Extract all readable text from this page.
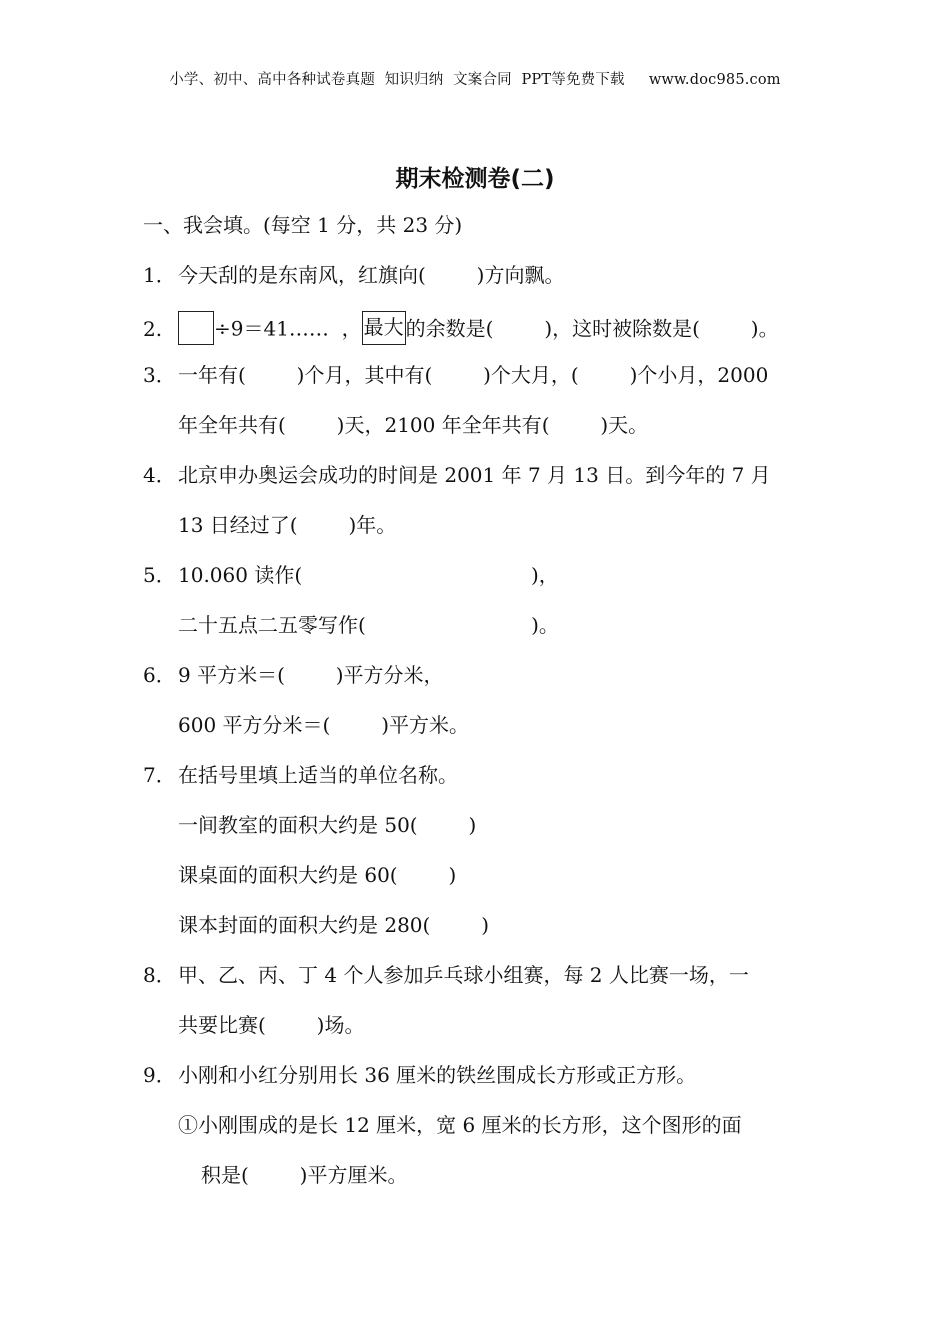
小学、初中、高中各种试卷真题  知识归纳  文案合同  PPT等免费下载 www.doc985.com
期末检测卷(二)
一、我会填。(每空 1 分，共 23 分)
1． 今天刮的是东南风，红旗向(        )方向飘。
2.	÷9＝41……  ， 最大 的余数是(        )，这时被除数是(        )。
3． 一年有(        )个月，其中有(        )个大月，(        )个小月，2000
年全年共有(        )天，2100 年全年共有(        )天。
4． 北京申办奥运会成功的时间是 2001 年 7 月 13 日。到今年的 7 月
13 日经过了(        )年。
5． 10.060 读作(                                    )，
二十五点二五零写作(                          )。
6． 9 平方米＝(        )平方分米，
600 平方分米＝(        )平方米。
7． 在括号里填上适当的单位名称。
一间教室的面积大约是 50(        )
课桌面的面积大约是 60(        )
课本封面的面积大约是 280(        )
8． 甲、乙、丙、丁 4 个人参加乒乓球小组赛，每 2 人比赛一场，一
共要比赛(        )场。
9． 小刚和小红分别用长 36 厘米的铁丝围成长方形或正方形。
①小刚围成的是长 12 厘米，宽 6 厘米的长方形，这个图形的面
积是(        )平方厘米。
